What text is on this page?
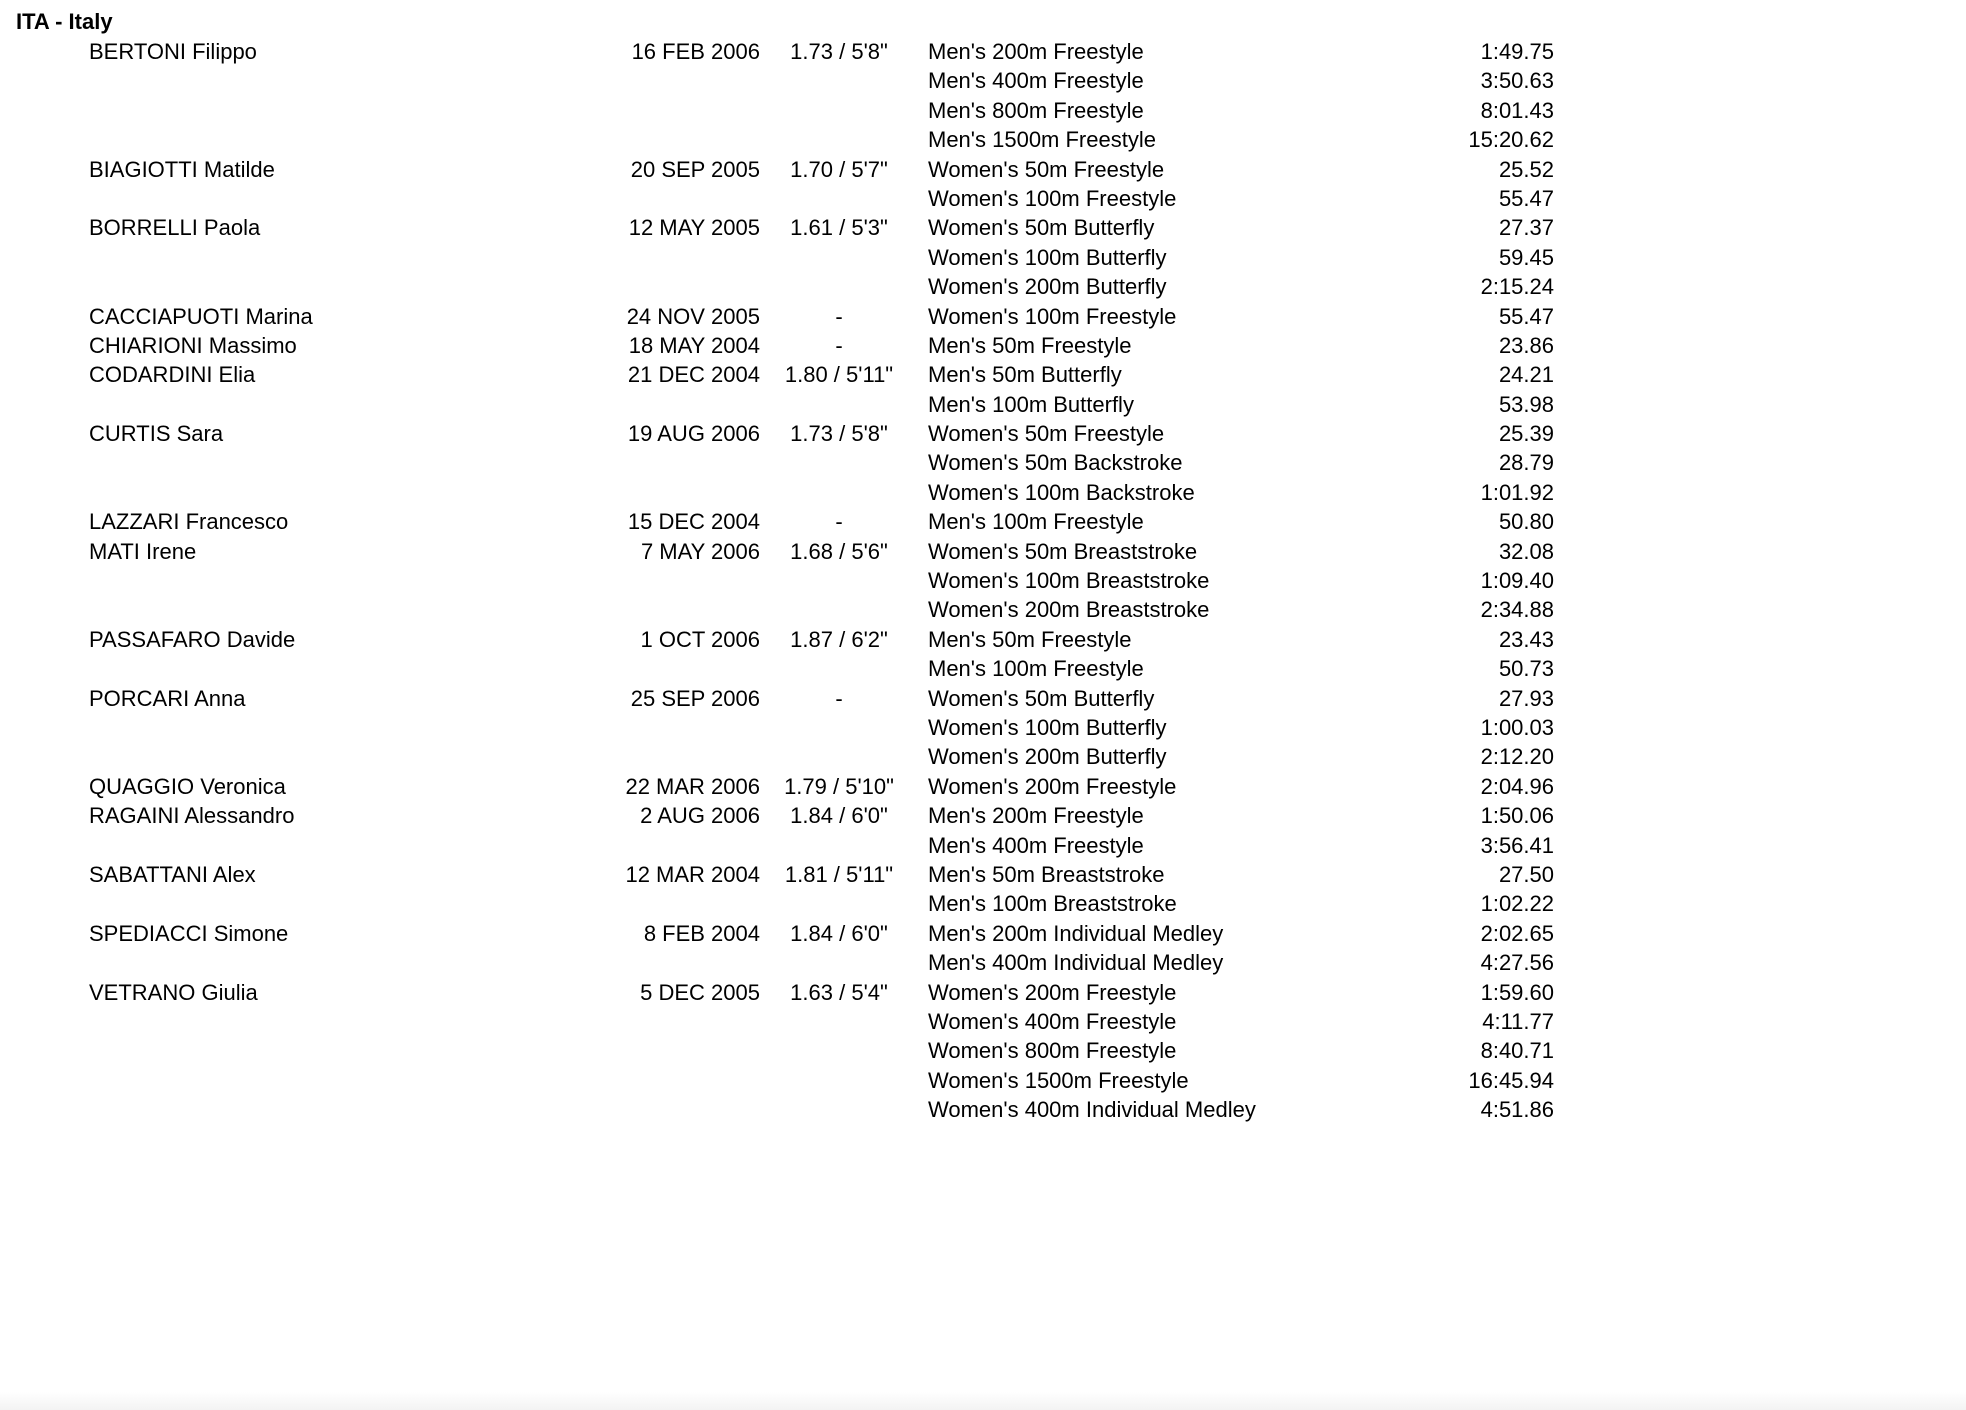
ITA - Italy
BERTONI Filippo	16 FEB 2006	1.73 / 5'8"	Men's 200m Freestyle	1:49.75
Men's 400m Freestyle	3:50.63
Men's 800m Freestyle	8:01.43
Men's 1500m Freestyle	15:20.62
BIAGIOTTI Matilde	20 SEP 2005	1.70 / 5'7"	Women's 50m Freestyle	25.52
Women's 100m Freestyle	55.47
BORRELLI Paola	12 MAY 2005	1.61 / 5'3"	Women's 50m Butterfly	27.37
Women's 100m Butterfly	59.45
Women's 200m Butterfly	2:15.24
CACCIAPUOTI Marina	24 NOV 2005	-	Women's 100m Freestyle	55.47
CHIARIONI Massimo	18 MAY 2004	-	Men's 50m Freestyle	23.86
CODARDINI Elia	21 DEC 2004 1.80 / 5'11" Men's 50m Butterfly	24.21
Men's 100m Butterfly	53.98
CURTIS Sara	19 AUG 2006	1.73 / 5'8"	Women's 50m Freestyle	25.39
Women's 50m Backstroke	28.79
Women's 100m Backstroke	1:01.92
LAZZARI Francesco	15 DEC 2004	-	Men's 100m Freestyle	50.80
MATI Irene	7 MAY 2006	1.68 / 5'6"	Women's 50m Breaststroke	32.08
Women's 100m Breaststroke	1:09.40
Women's 200m Breaststroke	2:34.88
PASSAFARO Davide	1 OCT 2006	1.87 / 6'2"	Men's 50m Freestyle	23.43
Men's 100m Freestyle	50.73
PORCARI Anna	25 SEP 2006	-	Women's 50m Butterfly	27.93
Women's 100m Butterfly	1:00.03
Women's 200m Butterfly	2:12.20
QUAGGIO Veronica	22 MAR 2006 1.79 / 5'10" Women's 200m Freestyle	2:04.96
RAGAINI Alessandro	2 AUG 2006	1.84 / 6'0"	Men's 200m Freestyle	1:50.06
Men's 400m Freestyle	3:56.41
SABATTANI Alex	12 MAR 2004 1.81 / 5'11" Men's 50m Breaststroke	27.50
Men's 100m Breaststroke	1:02.22
SPEDIACCI Simone	8 FEB 2004	1.84 / 6'0"	Men's 200m Individual Medley	2:02.65
Men's 400m Individual Medley	4:27.56
VETRANO Giulia	5 DEC 2005	1.63 / 5'4"	Women's 200m Freestyle	1:59.60
Women's 400m Freestyle	4:11.77
Women's 800m Freestyle	8:40.71
Women's 1500m Freestyle	16:45.94
Women's 400m Individual Medley	4:51.86
